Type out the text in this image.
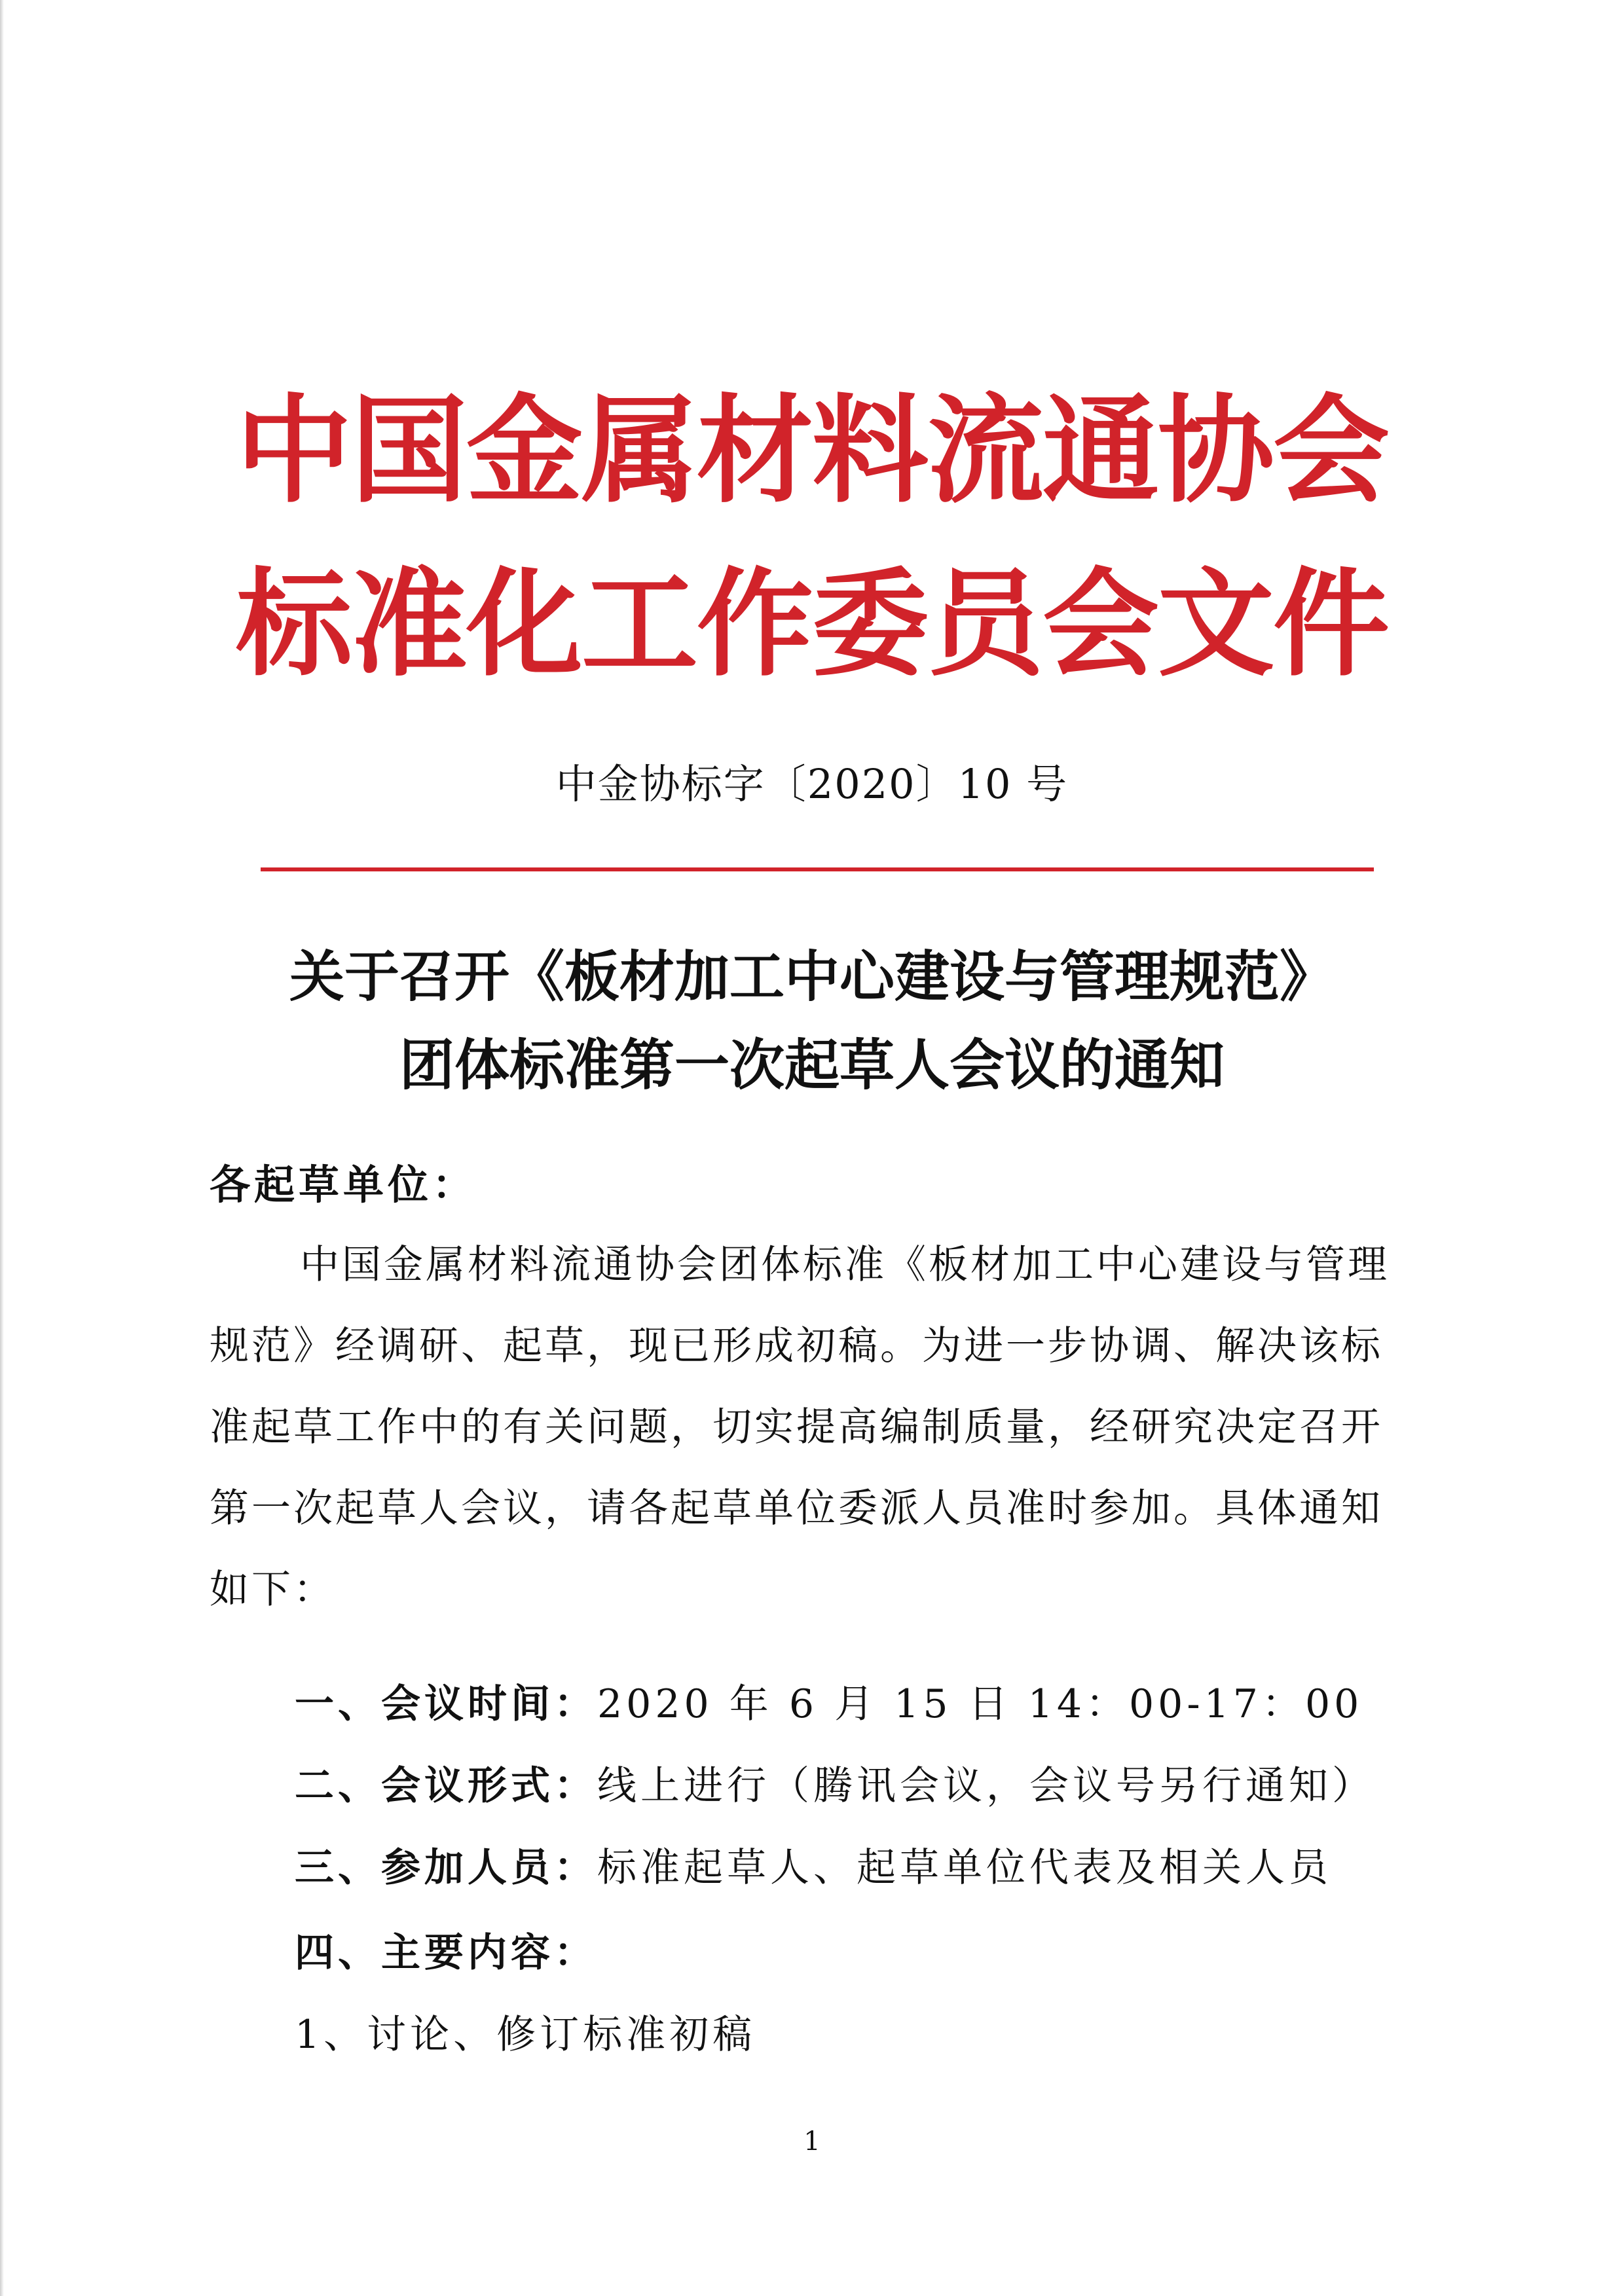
中国金属材料流通协会
标准化工作委员会文件
中金协标字〔2020〕10 号
关于召开《板材加工中心建设与管理规范》
团体标准第一次起草人会议的通知
各起草单位：
中国金属材料流通协会团体标准《板材加工中心建设与管理
规范》经调研、起草，现已形成初稿。为进一步协调、解决该标
准起草工作中的有关问题，切实提高编制质量，经研究决定召开
第一次起草人会议，请各起草单位委派人员准时参加。具体通知
如下：
一、会议时间：2020 年 6 月 15 日 14：00-17：00
二、会议形式：线上进行（腾讯会议，会议号另行通知）
三、参加人员：标准起草人、起草单位代表及相关人员
四、主要内容：
1、讨论、修订标准初稿
1
